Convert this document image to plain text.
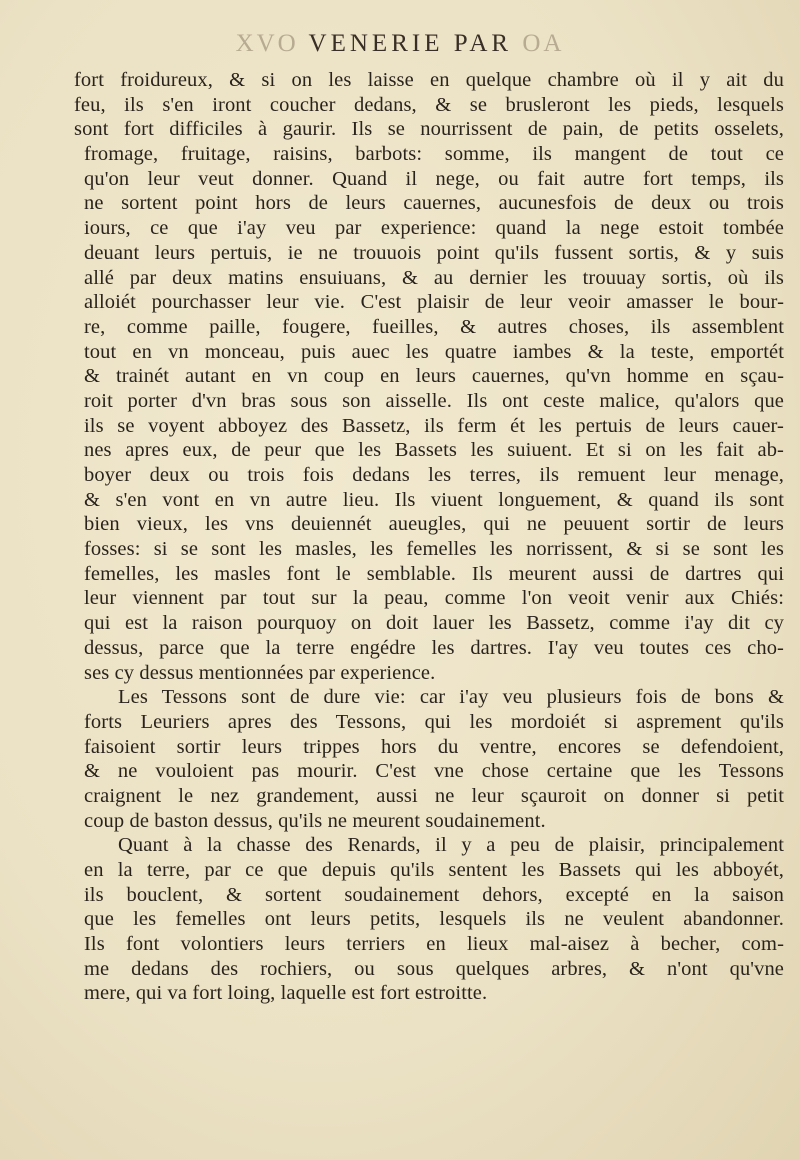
XVO VENERIE PAR OA
fort froidureux, & si on les laisse en quelque chambre où il y ait du
feu, ils s'en iront coucher dedans, & se brusleront les pieds, lesquels
sont fort difficiles à gaurir. Ils se nourrissent de pain, de petits osselets,
fromage, fruitage, raisins, barbots: somme, ils mangent de tout ce
qu'on leur veut donner. Quand il nege, ou fait autre fort temps, ils
ne sortent point hors de leurs cauernes, aucunesfois de deux ou trois
iours, ce que i'ay veu par experience: quand la nege estoit tombée
deuant leurs pertuis, ie ne trouuois point qu'ils fussent sortis, & y suis
allé par deux matins ensuiuans, & au dernier les trouuay sortis, où ils
alloiét pourchasser leur vie. C'est plaisir de leur veoir amasser le bour-
re, comme paille, fougere, fueilles, & autres choses, ils assemblent
tout en vn monceau, puis auec les quatre iambes & la teste, emportét
& trainét autant en vn coup en leurs cauernes, qu'vn homme en sçau-
roit porter d'vn bras sous son aisselle. Ils ont ceste malice, qu'alors que
ils se voyent abboyez des Bassetz, ils ferm ét les pertuis de leurs cauer-
nes apres eux, de peur que les Bassets les suiuent. Et si on les fait ab-
boyer deux ou trois fois dedans les terres, ils remuent leur menage,
& s'en vont en vn autre lieu. Ils viuent longuement, & quand ils sont
bien vieux, les vns deuiennét aueugles, qui ne peuuent sortir de leurs
fosses: si se sont les masles, les femelles les norrissent, & si se sont les
femelles, les masles font le semblable. Ils meurent aussi de dartres qui
leur viennent par tout sur la peau, comme l'on veoit venir aux Chiés:
qui est la raison pourquoy on doit lauer les Bassetz, comme i'ay dit cy
dessus, parce que la terre engédre les dartres. I'ay veu toutes ces cho-
ses cy dessus mentionnées par experience.
Les Tessons sont de dure vie: car i'ay veu plusieurs fois de bons &
forts Leuriers apres des Tessons, qui les mordoiét si asprement qu'ils
faisoient sortir leurs trippes hors du ventre, encores se defendoient,
& ne vouloient pas mourir. C'est vne chose certaine que les Tessons
craignent le nez grandement, aussi ne leur sçauroit on donner si petit
coup de baston dessus, qu'ils ne meurent soudainement.
Quant à la chasse des Renards, il y a peu de plaisir, principalement
en la terre, par ce que depuis qu'ils sentent les Bassets qui les abboyét,
ils bouclent, & sortent soudainement dehors, excepté en la saison
que les femelles ont leurs petits, lesquels ils ne veulent abandonner.
Ils font volontiers leurs terriers en lieux mal-aisez à becher, com-
me dedans des rochiers, ou sous quelques arbres, & n'ont qu'vne
mere, qui va fort loing, laquelle est fort estroitte.
